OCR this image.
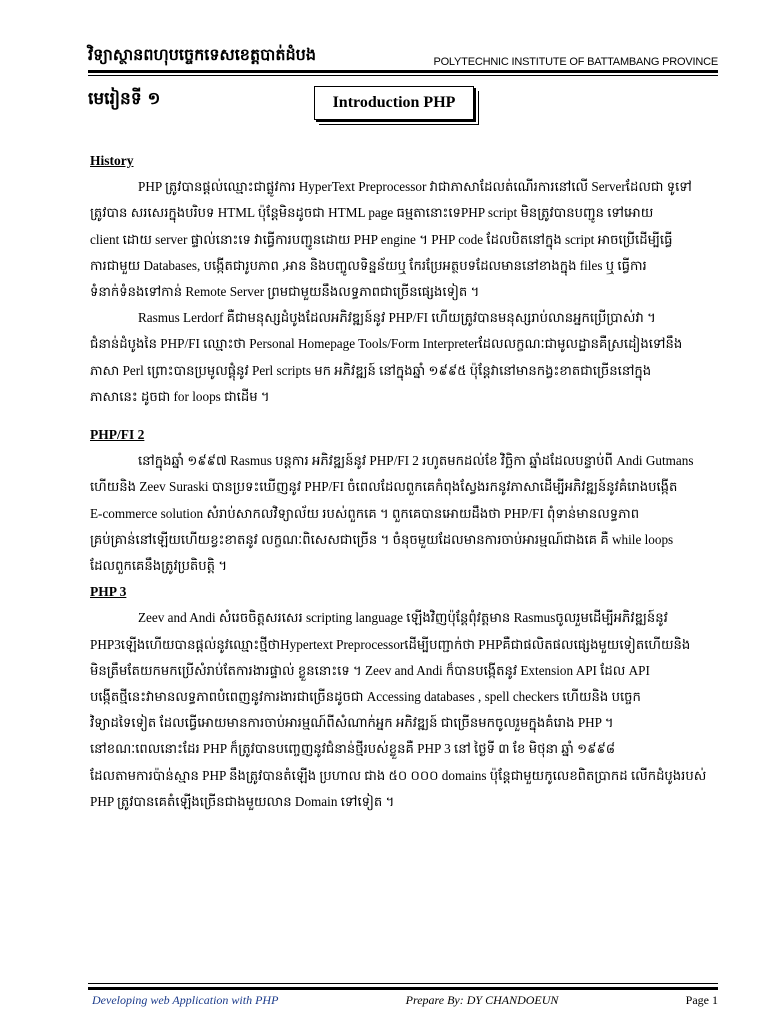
វិទ្យាស្ថានពហុបច្ចេកទេសខេត្តបាត់ដំបង	POLYTECHNIC INSTITUTE OF BATTAMBANG PROVINCE
មេរៀនទី ១	Introduction PHP

History

PHP ត្រូវបានផ្តល់ឈ្មោះជាផ្លូវការ HyperText Preprocessor វាជាភាសាដែលត់ណើរការនៅលើ Serverដែលជា ទូទៅ
ត្រូវបាន សរសេរក្នុងបរិបទ HTML ប៉ុន្តែមិនដូចជា HTML page ធម្មតានោះទេPHP script មិនត្រូវបានបញ្ជូន ទៅអោយ
client ដោយ server ផ្ទាល់នោះទេ វាធ្វើការបញ្ជូនដោយ PHP engine ។ PHP code ដែលបិតនៅក្នុង script អាចប្រើដើម្បីធ្វើ
ការជាមួយ Databases, បង្កើតជារូបភាព ,អាន និងបញ្ចូលទិន្នន័យឬ កែរប្រែអត្ថបទដែលមាននៅខាងក្នុង files ឬ ធ្វើការ
ទំនាក់ទំនងទៅកាន់ Remote Server ព្រមជាមួយនឹងលទ្ធភាពជាច្រើនផ្សេងទៀត ។
Rasmus Lerdorf គឺជាមនុស្សដំបូងដែលអភិវឌ្ឍន៍នូវ PHP/FI ហើយត្រូវបានមនុស្សរាប់លានអ្នកប្រើប្រាស់វា ។
ជំនាន់ដំបូងនៃ PHP/FI ឈ្មោះថា Personal Homepage Tools/Form Interpreterដែលលក្ខណៈជាមូលដ្ឋានគឺស្រដៀងទៅនឹង
ភាសា Perl ព្រោះបានប្រមូលផ្តុំនូវ Perl scripts មក អភិវឌ្ឍន៍ នៅក្នុងឆ្នាំ ១៩៩៥ ប៉ុន្តែវានៅមានកង្វះខាតជាច្រើននៅក្នុង
ភាសានេះ ដូចជា for loops ជាដើម ។

PHP/FI 2

នៅក្នុងឆ្នាំ ១៩៩៧ Rasmus បន្តការ អភិវឌ្ឍន៍នូវ PHP/FI 2 រហូតមកដល់ខែ វិច្ឆិកា ឆ្នាំដដែលបន្ទាប់ពី Andi Gutmans
ហើយនិង Zeev Suraski បានប្រទះឃើញនូវ PHP/FI ចំពេលដែលពួកគេកំពុងស្វែងរកនូវភាសាដើម្បីអភិវឌ្ឍន៍នូវគំរោងបង្កើត
E-commerce solution សំរាប់សាកលវិទ្យាល័យ របស់ពួកគេ ។ ពួកគេបានអោយដឹងថា PHP/FI ពុំទាន់មានលទ្ធភាព
គ្រប់គ្រាន់នៅឡើយហើយខ្វះខាតនូវ លក្ខណៈពិសេសជាច្រើន ។ ចំនុចមួយដែលមានការចាប់អារម្មណ៍ជាងគេ គឺ while loops
ដែលពួកគេនឹងត្រូវប្រតិបត្តិ ។

PHP 3

Zeev and Andi សំរេចចិត្តសរសេរ scripting language ឡើងវិញប៉ុន្តែពុំវត្តមាន Rasmusចូលរួមដើម្បីអភិវឌ្ឍន៍នូវ
PHP3ឡើងហើយបានផ្តល់នូវឈ្មោះថ្មីថាHypertext Preprocessorដើម្បីបញ្ជាក់ថា PHPគឺជាផលិតផលផ្សេងមួយទៀតហើយនិង
មិនត្រឹមតែយកមកប្រើសំរាប់តែការងារផ្ទាល់ ខ្លួននោះទេ ។ Zeev and Andi ក៏បានបង្កើតនូវ Extension API ដែល API
បង្កើតថ្មីនេះវាមានលទ្ធភាពបំពេញនូវការងារជាច្រើនដូចជា Accessing databases , spell checkers ហើយនិង បច្ចេក
វិទ្យាដទៃទៀត ដែលធ្វើអោយមានការចាប់អារម្មណ៍ពីសំណាក់អ្នក អភិវឌ្ឍន៍ ជាច្រើនមកចូលរួមក្នុងគំរោង PHP ។
នៅខណៈពេលនោះដែរ PHP ក៏ត្រូវបានបញ្ចេញនូវជំនាន់ថ្មីរបស់ខ្លួនគឺ PHP 3 នៅ ថ្ងៃទី ៣ ខែ មិថុនា ឆ្នាំ ១៩៩៨
ដែលតាមការប៉ាន់ស្មាន PHP នឹងត្រូវបានតំឡើង ប្រហាល ជាង ៥០ ០០០ domains ប៉ុន្តែជាមួយកូលេខពិតប្រាកដ លើកដំបូងរបស់
PHP ត្រូវបានគេតំឡើងច្រើនជាងមួយលាន Domain ទៅទៀត ។
Developing web Application with PHP	Prepare By: DY CHANDOEUN	Page 1
